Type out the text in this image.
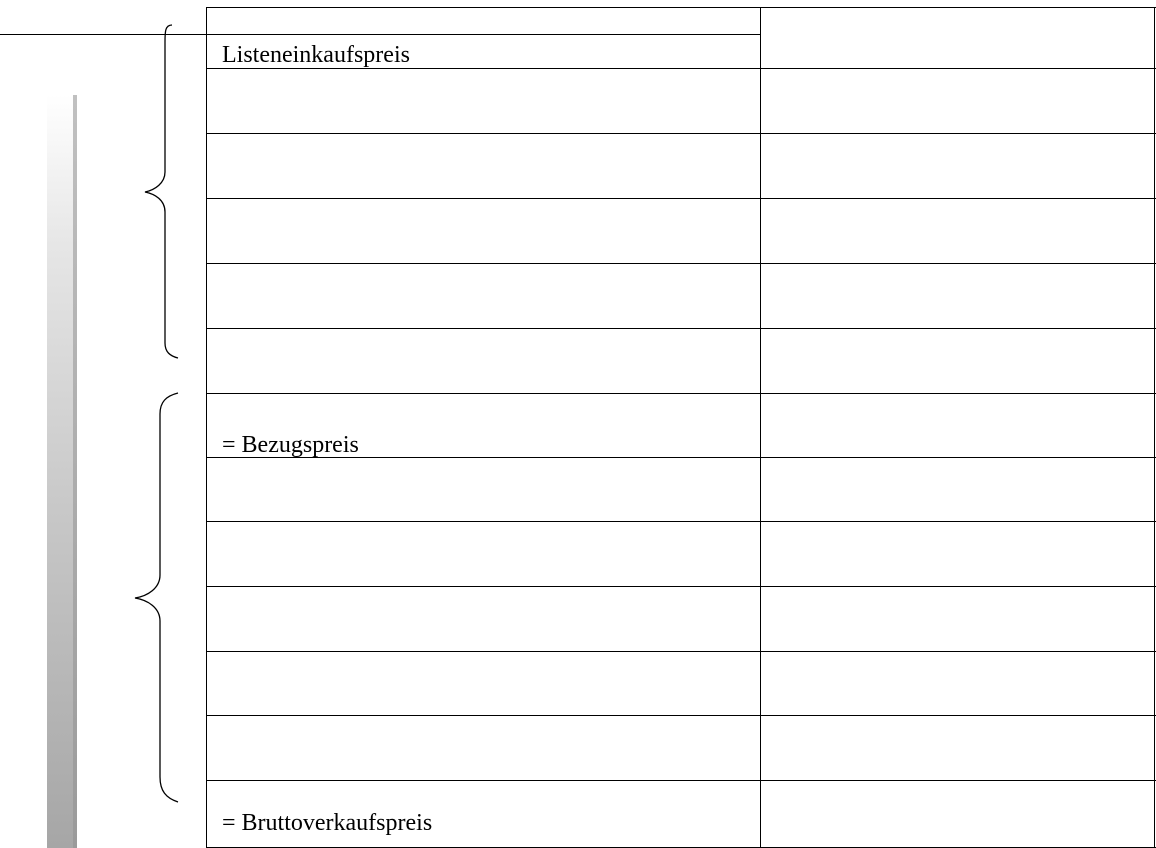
Listeneinkaufspreis
= Bezugspreis
= Bruttoverkaufspreis
